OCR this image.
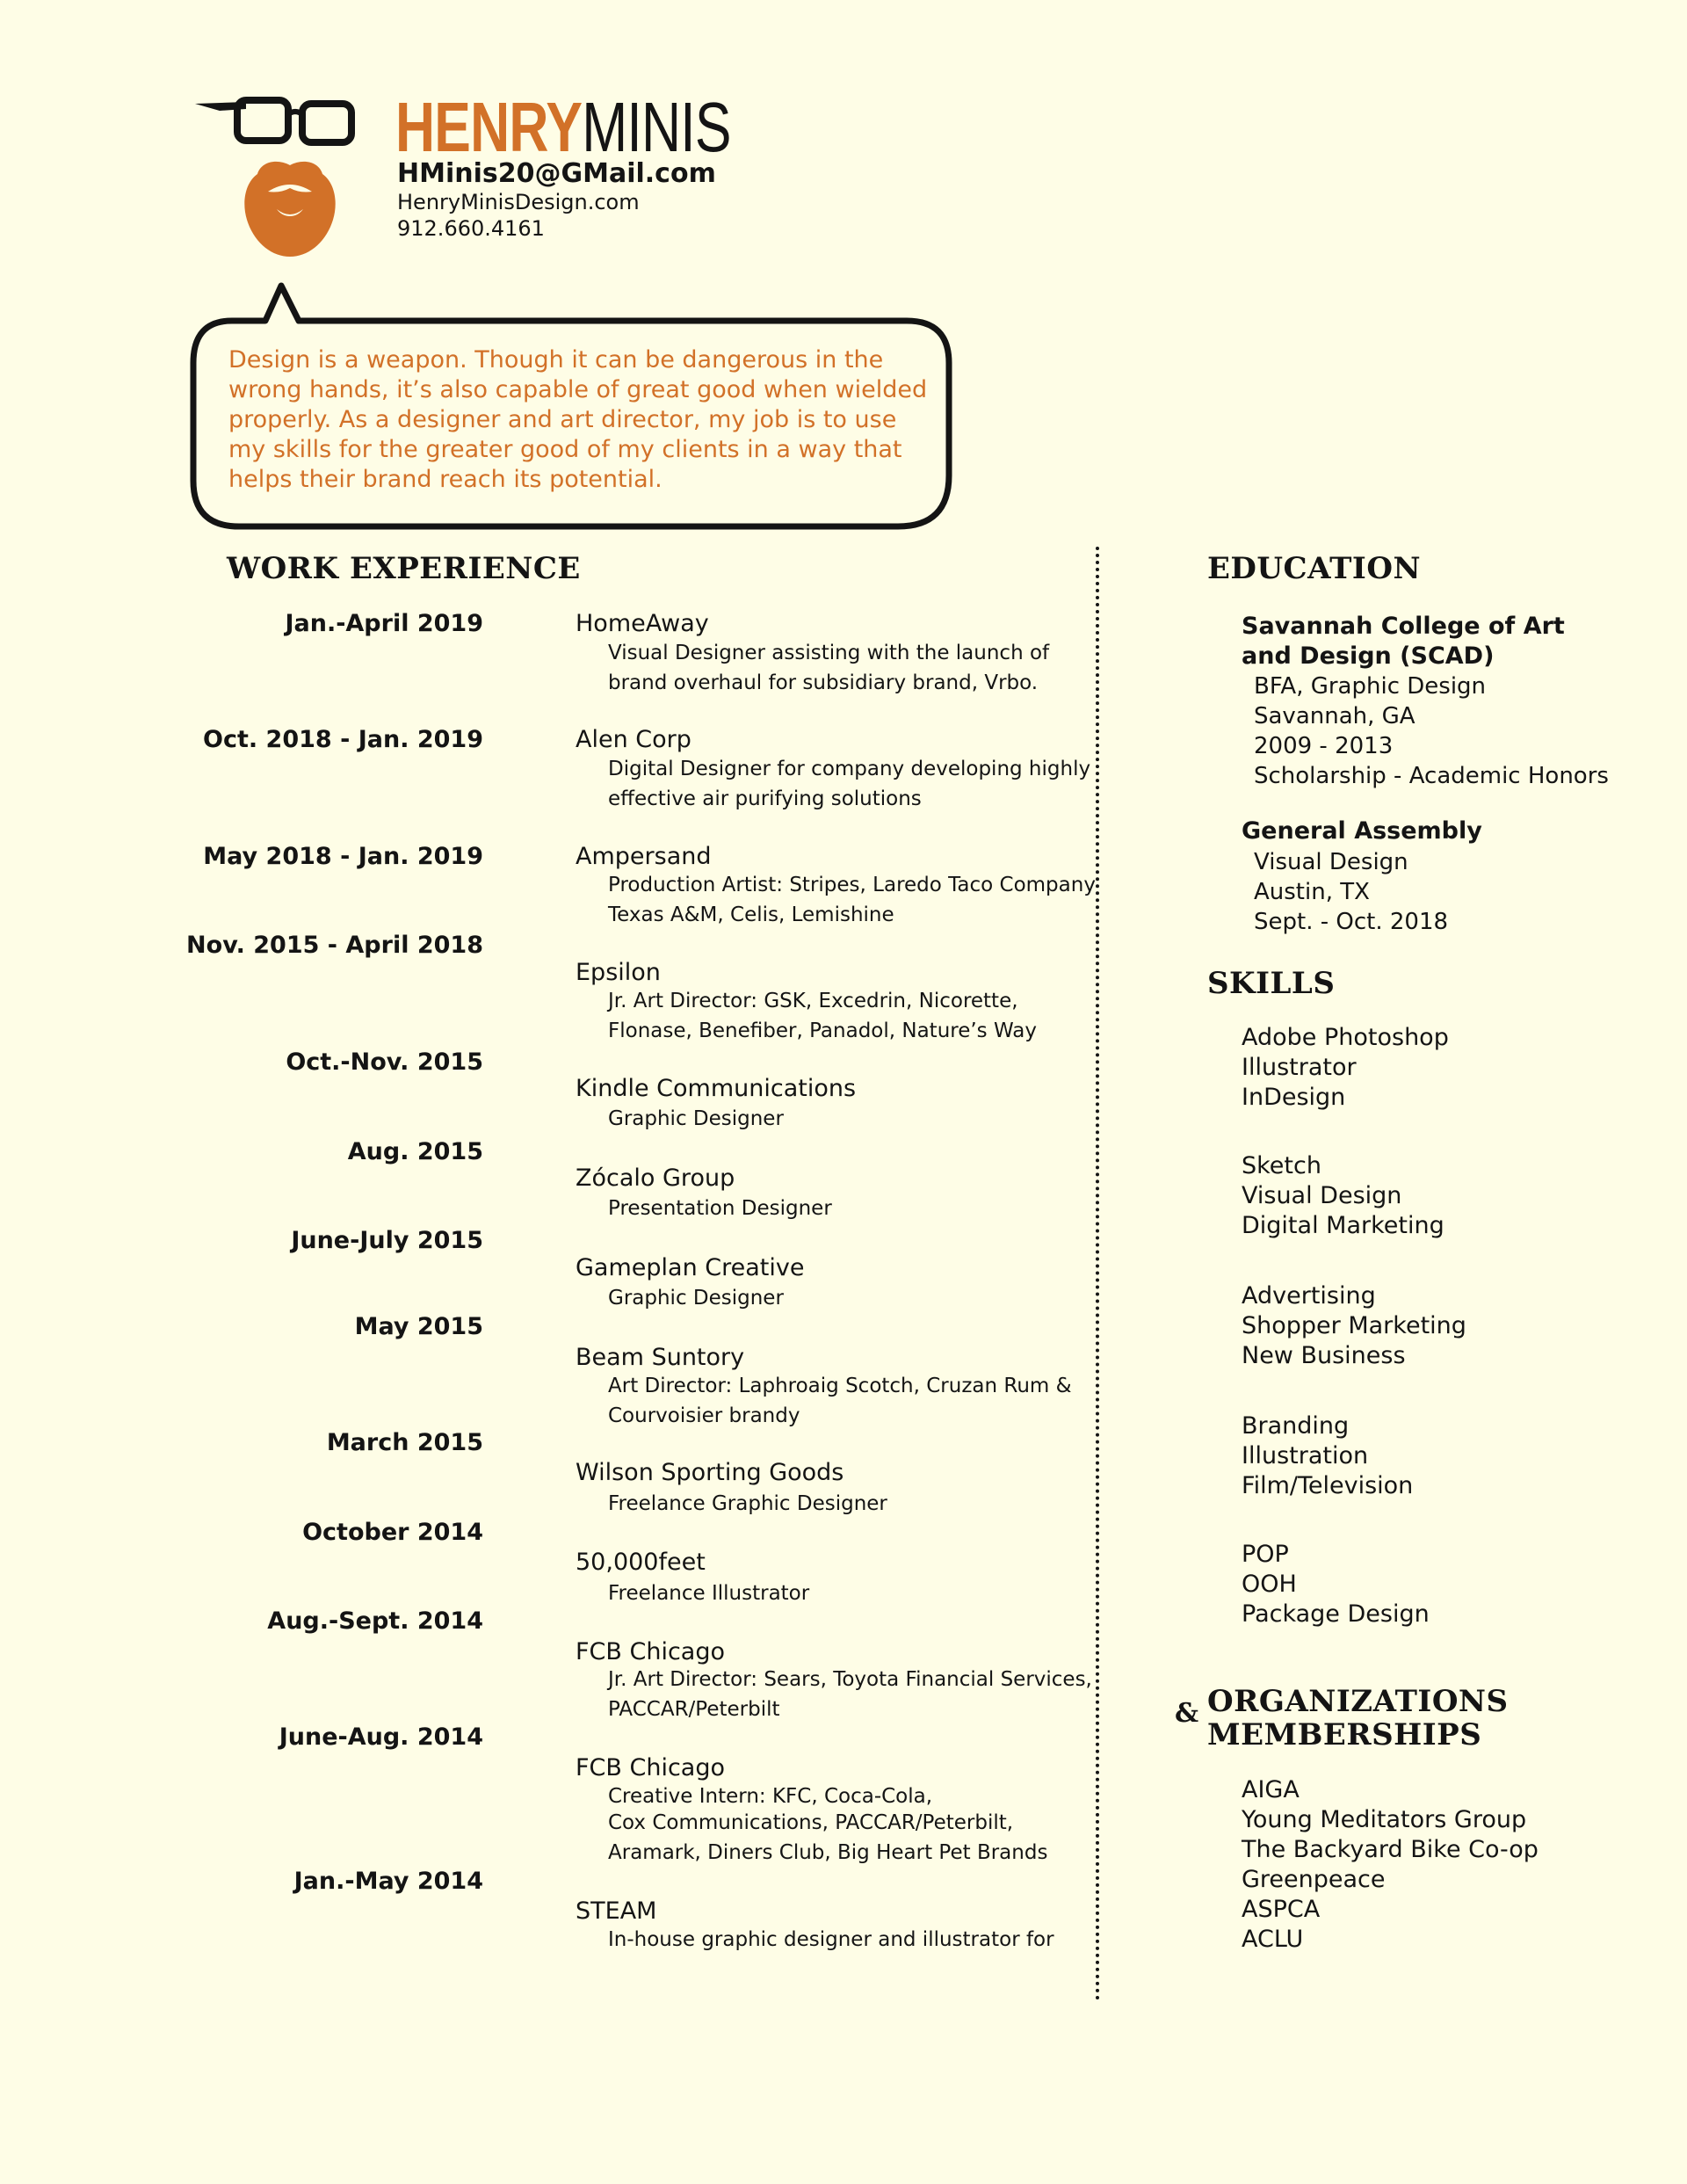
HENRYMINIS
HMinis20@GMail.com
HenryMinisDesign.com
912.660.4161
Design is a weapon. Though it can be dangerous in the wrong hands, it’s also capable of great good when wielded properly. As a designer and art director, my job is to use my skills for the greater good of my clients in a way that helps their brand reach its potential.
WORK EXPERIENCE
Jan.-April 2019
Oct. 2018 - Jan. 2019
May 2018 - Jan. 2019
Nov. 2015 - April 2018
Oct.-Nov. 2015
Aug. 2015
June-July 2015
May 2015
March 2015
October 2014
Aug.-Sept. 2014
June-Aug. 2014
Jan.-May 2014
HomeAway
Visual Designer assisting with the launch of brand overhaul for subsidiary brand, Vrbo.
Alen Corp
Digital Designer for company developing highly effective air purifying solutions
Ampersand
Production Artist: Stripes, Laredo Taco Company Texas A&M, Celis, Lemishine
Epsilon
Jr. Art Director: GSK, Excedrin, Nicorette, Flonase, Benefiber, Panadol, Nature’s Way
Kindle Communications
Graphic Designer
Zócalo Group
Presentation Designer
Gameplan Creative
Graphic Designer
Beam Suntory
Art Director: Laphroaig Scotch, Cruzan Rum & Courvoisier brandy
Wilson Sporting Goods
Freelance Graphic Designer
50,000feet
Freelance Illustrator
FCB Chicago
Jr. Art Director: Sears, Toyota Financial Services, PACCAR/Peterbilt
FCB Chicago
Creative Intern: KFC, Coca-Cola,
Cox Communications, PACCAR/Peterbilt,
Aramark, Diners Club, Big Heart Pet Brands
STEAM
In-house graphic designer and illustrator for
EDUCATION
Savannah College of Art and Design (SCAD)
BFA, Graphic Design
Savannah, GA
2009 - 2013
Scholarship - Academic Honors
General Assembly
Visual Design
Austin, TX
Sept. - Oct. 2018
SKILLS
Adobe Photoshop
Illustrator
InDesign
Sketch
Visual Design
Digital Marketing
Advertising
Shopper Marketing
New Business
Branding
Illustration
Film/Television
POP
OOH
Package Design
& ORGANIZATIONS
MEMBERSHIPS
AIGA
Young Meditators Group
The Backyard Bike Co-op
Greenpeace
ASPCA
ACLU
